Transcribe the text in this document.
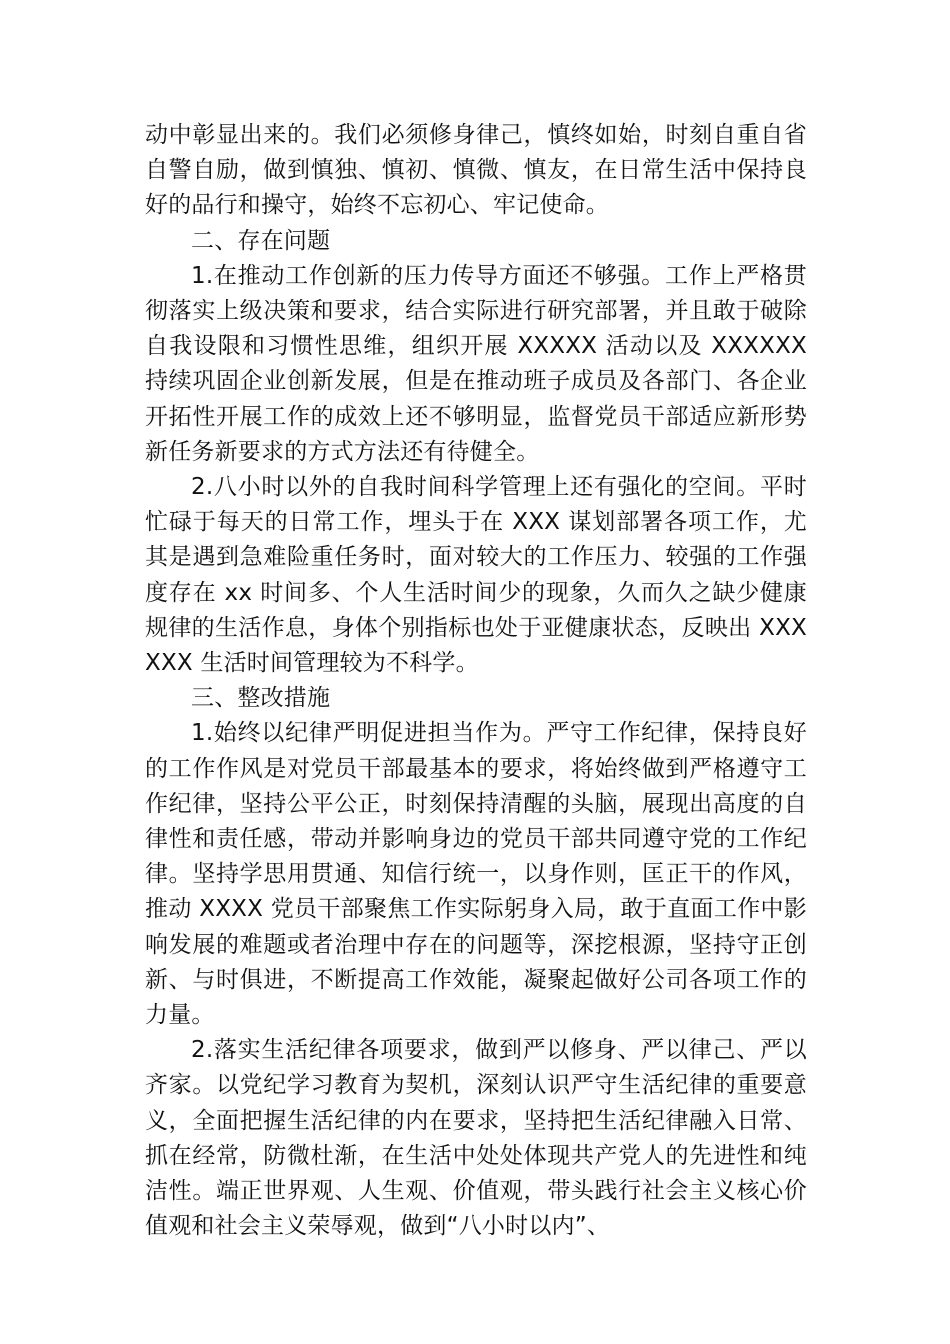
动中彰显出来的。我们必须修身律己，慎终如始，时刻自重自省自警自励，做到慎独、慎初、慎微、慎友，在日常生活中保持良好的品行和操守，始终不忘初心、牢记使命。

二、存在问题

1.在推动工作创新的压力传导方面还不够强。工作上严格贯彻落实上级决策和要求，结合实际进行研究部署，并且敢于破除自我设限和习惯性思维，组织开展 XXXXX 活动以及 XXXXXX 持续巩固企业创新发展，但是在推动班子成员及各部门、各企业开拓性开展工作的成效上还不够明显，监督党员干部适应新形势新任务新要求的方式方法还有待健全。

2.八小时以外的自我时间科学管理上还有强化的空间。平时忙碌于每天的日常工作，埋头于在 XXX 谋划部署各项工作，尤其是遇到急难险重任务时，面对较大的工作压力、较强的工作强度存在 xx 时间多、个人生活时间少的现象，久而久之缺少健康规律的生活作息，身体个别指标也处于亚健康状态，反映出 XXXXXX 生活时间管理较为不科学。

三、整改措施

1.始终以纪律严明促进担当作为。严守工作纪律，保持良好的工作作风是对党员干部最基本的要求，将始终做到严格遵守工作纪律，坚持公平公正，时刻保持清醒的头脑，展现出高度的自律性和责任感，带动并影响身边的党员干部共同遵守党的工作纪律。坚持学思用贯通、知信行统一，以身作则，匡正干的作风，推动 XXXX 党员干部聚焦工作实际躬身入局，敢于直面工作中影响发展的难题或者治理中存在的问题等，深挖根源，坚持守正创新、与时俱进，不断提高工作效能，凝聚起做好公司各项工作的力量。

2.落实生活纪律各项要求，做到严以修身、严以律己、严以齐家。以党纪学习教育为契机，深刻认识严守生活纪律的重要意义，全面把握生活纪律的内在要求，坚持把生活纪律融入日常、抓在经常，防微杜渐，在生活中处处体现共产党人的先进性和纯洁性。端正世界观、人生观、价值观，带头践行社会主义核心价值观和社会主义荣辱观，做到“八小时以内”、
